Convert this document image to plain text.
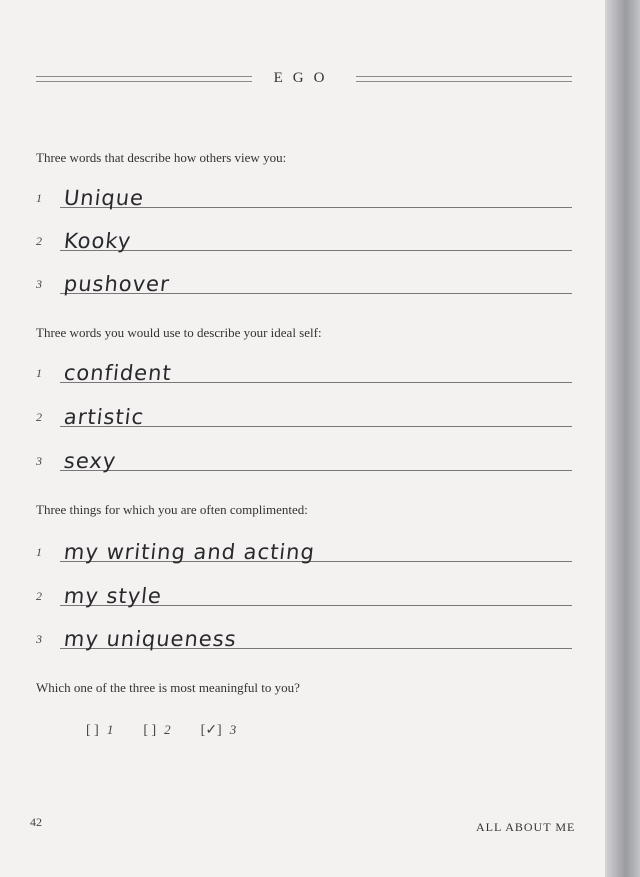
EGO
Three words that describe how others view you:
1 Unique
2 Kooky
3 pushover
Three words you would use to describe your ideal self:
1 confident
2 artistic
3 sexy
Three things for which you are often complimented:
1 my writing and acting
2 my style
3 my uniqueness
Which one of the three is most meaningful to you?
[ ] 1 [ ] 2 [✓] 3
42	ALL ABOUT ME
